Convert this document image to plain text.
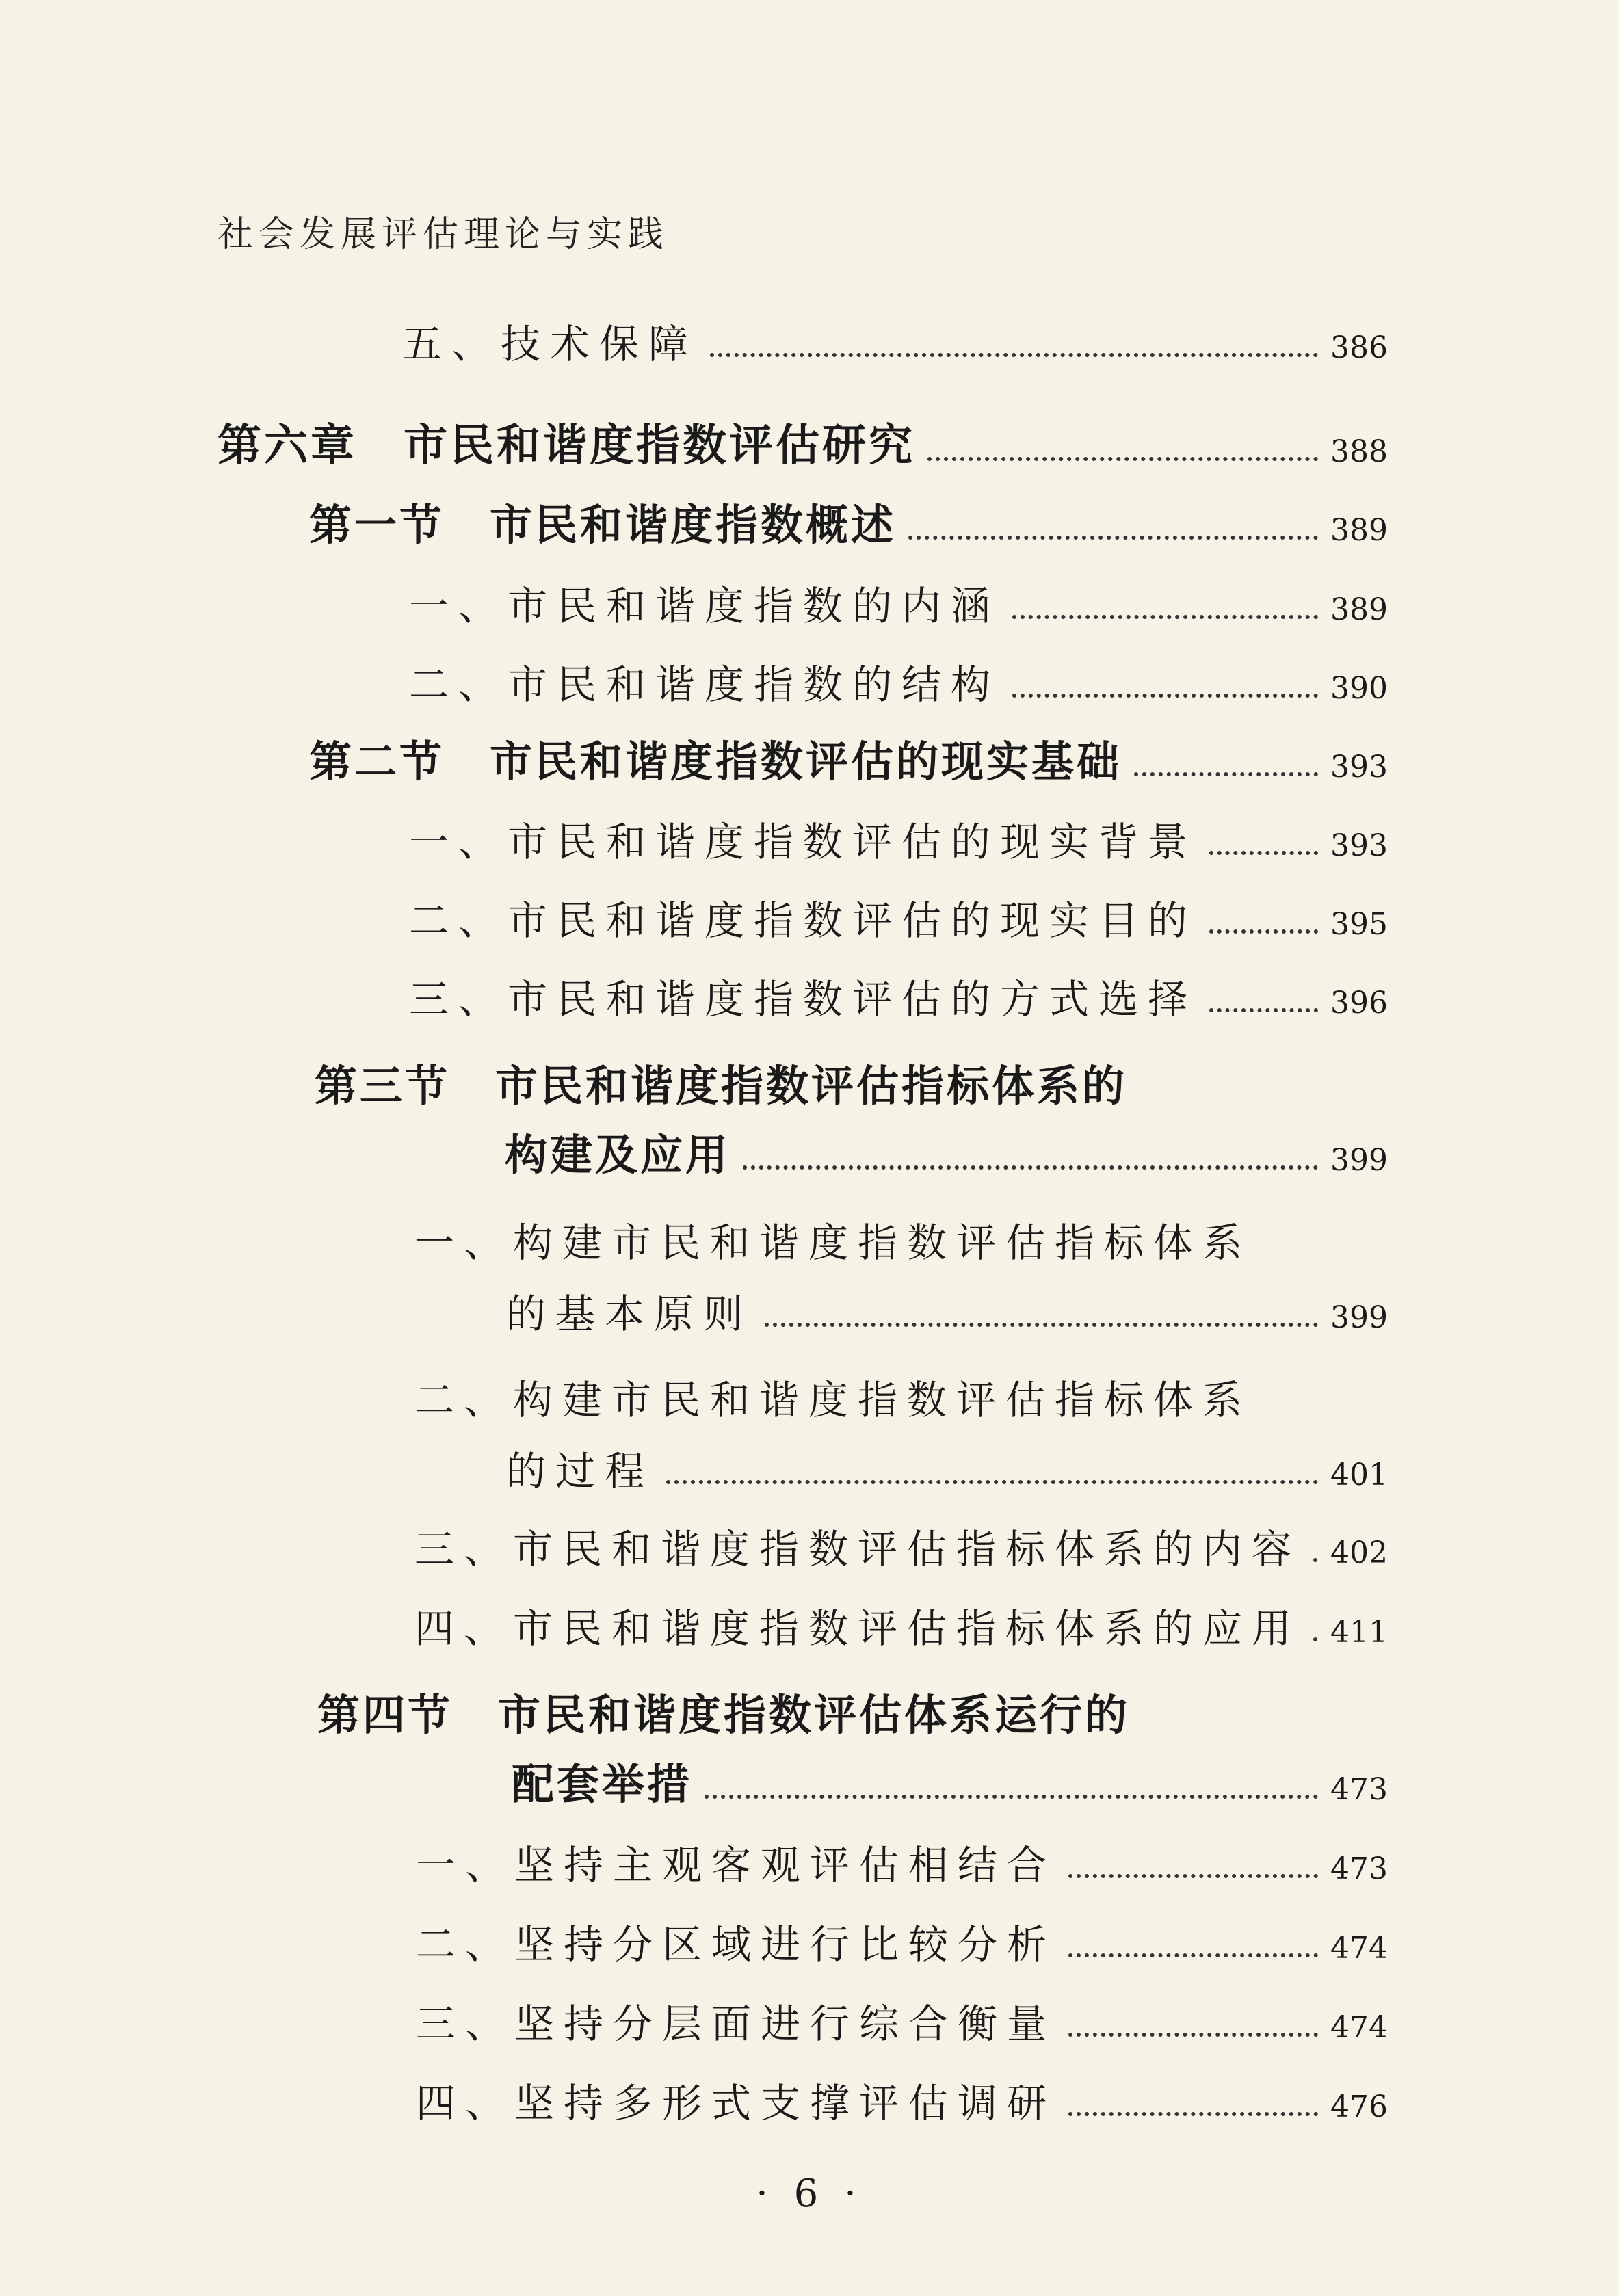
社会发展评估理论与实践
五、技术保障	386
第六章　市民和谐度指数评估研究	388
第一节　市民和谐度指数概述	389
一、市民和谐度指数的内涵	389
二、市民和谐度指数的结构	390
第二节　市民和谐度指数评估的现实基础	393
一、市民和谐度指数评估的现实背景	393
二、市民和谐度指数评估的现实目的	395
三、市民和谐度指数评估的方式选择	396
第三节　市民和谐度指数评估指标体系的
构建及应用	399
一、构建市民和谐度指数评估指标体系
的基本原则	399
二、构建市民和谐度指数评估指标体系
的过程	401
三、市民和谐度指数评估指标体系的内容 402
四、市民和谐度指数评估指标体系的应用 411
第四节　市民和谐度指数评估体系运行的
配套举措	473
一、坚持主观客观评估相结合	473
二、坚持分区域进行比较分析	474
三、坚持分层面进行综合衡量	474
四、坚持多形式支撑评估调研	476
· 6 ·
